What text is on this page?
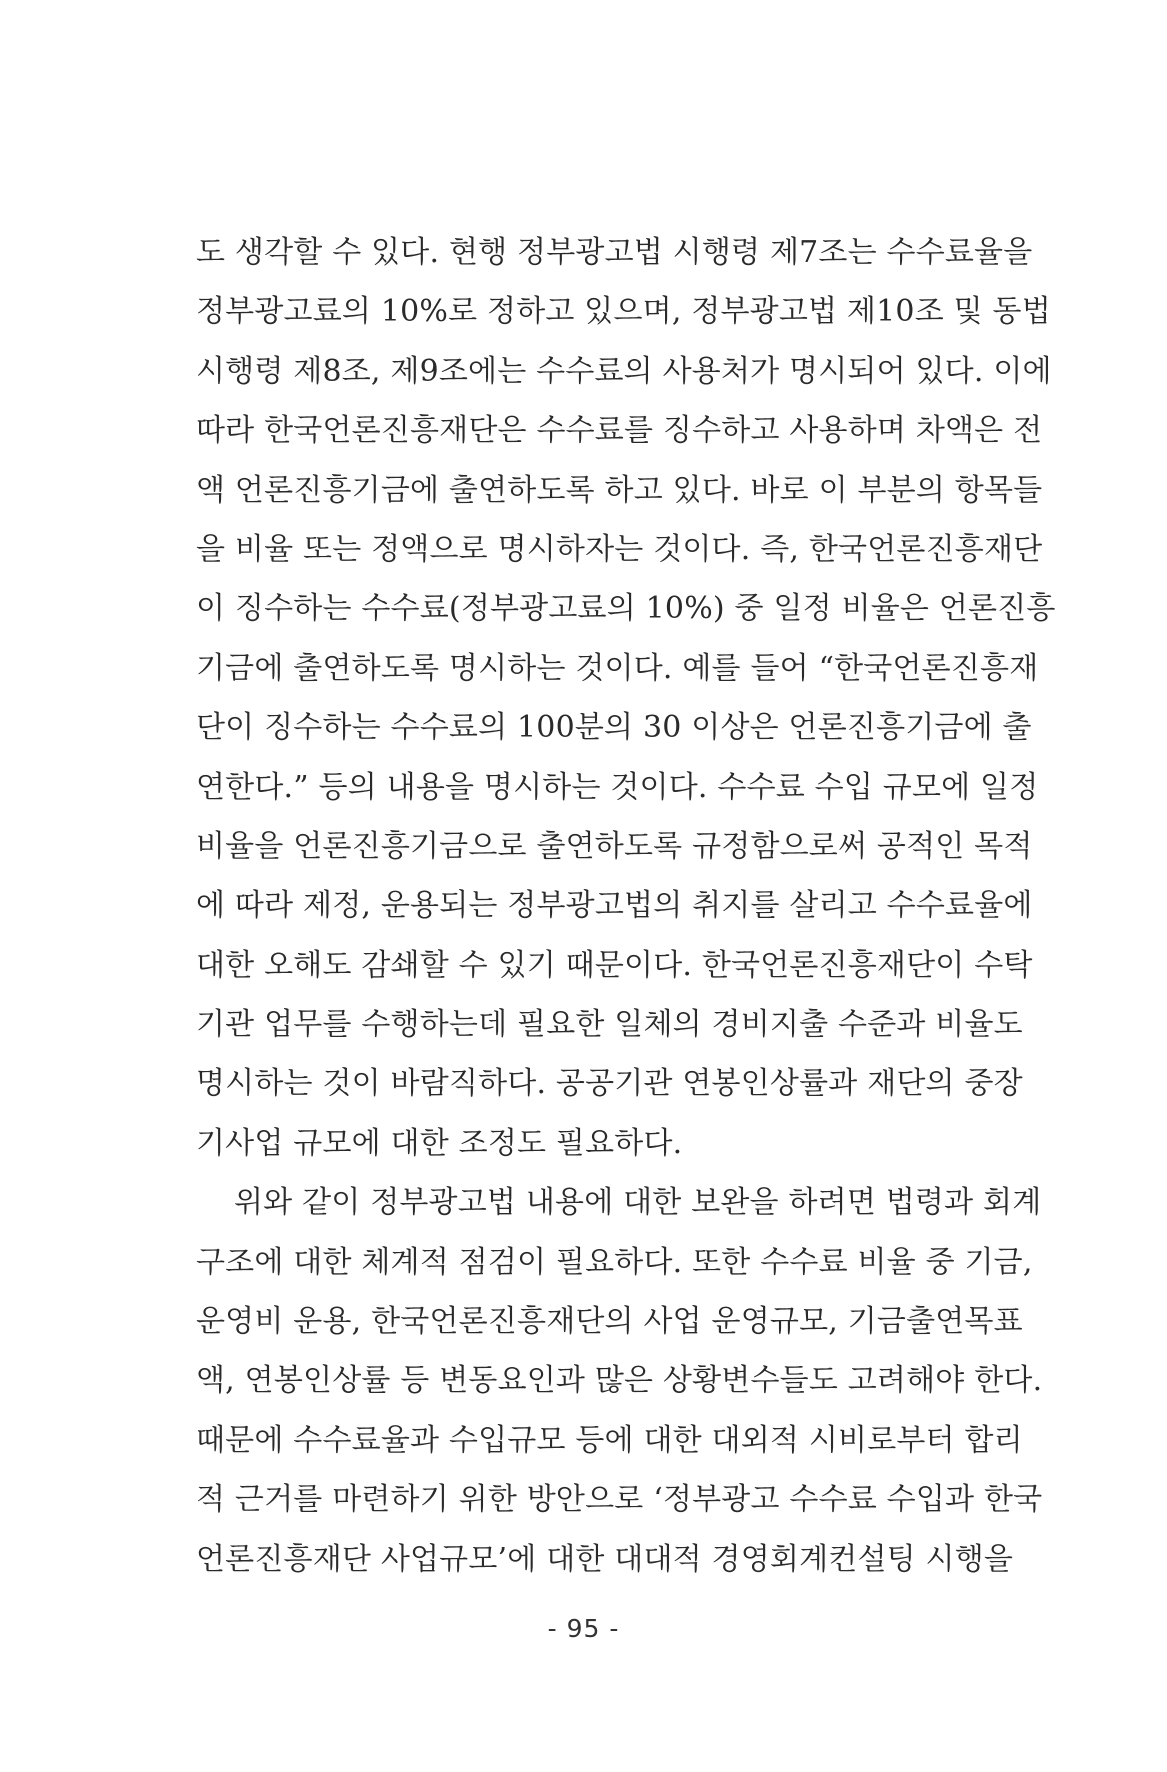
도 생각할 수 있다. 현행 정부광고법 시행령 제7조는 수수료율을
정부광고료의 10%로 정하고 있으며, 정부광고법 제10조 및 동법
시행령 제8조, 제9조에는 수수료의 사용처가 명시되어 있다. 이에
따라 한국언론진흥재단은 수수료를 징수하고 사용하며 차액은 전
액 언론진흥기금에 출연하도록 하고 있다. 바로 이 부분의 항목들
을 비율 또는 정액으로 명시하자는 것이다. 즉, 한국언론진흥재단
이 징수하는 수수료(정부광고료의 10%) 중 일정 비율은 언론진흥
기금에 출연하도록 명시하는 것이다. 예를 들어 “한국언론진흥재
단이 징수하는 수수료의 100분의 30 이상은 언론진흥기금에 출
연한다.” 등의 내용을 명시하는 것이다. 수수료 수입 규모에 일정
비율을 언론진흥기금으로 출연하도록 규정함으로써 공적인 목적
에 따라 제정, 운용되는 정부광고법의 취지를 살리고 수수료율에
대한 오해도 감쇄할 수 있기 때문이다. 한국언론진흥재단이 수탁
기관 업무를 수행하는데 필요한 일체의 경비지출 수준과 비율도
명시하는 것이 바람직하다. 공공기관 연봉인상률과 재단의 중장
기사업 규모에 대한 조정도 필요하다.
위와 같이 정부광고법 내용에 대한 보완을 하려면 법령과 회계
구조에 대한 체계적 점검이 필요하다. 또한 수수료 비율 중 기금,
운영비 운용, 한국언론진흥재단의 사업 운영규모, 기금출연목표
액, 연봉인상률 등 변동요인과 많은 상황변수들도 고려해야 한다.
때문에 수수료율과 수입규모 등에 대한 대외적 시비로부터 합리
적 근거를 마련하기 위한 방안으로 ‘정부광고 수수료 수입과 한국
언론진흥재단 사업규모’에 대한 대대적 경영회계컨설팅 시행을
- 95 -
